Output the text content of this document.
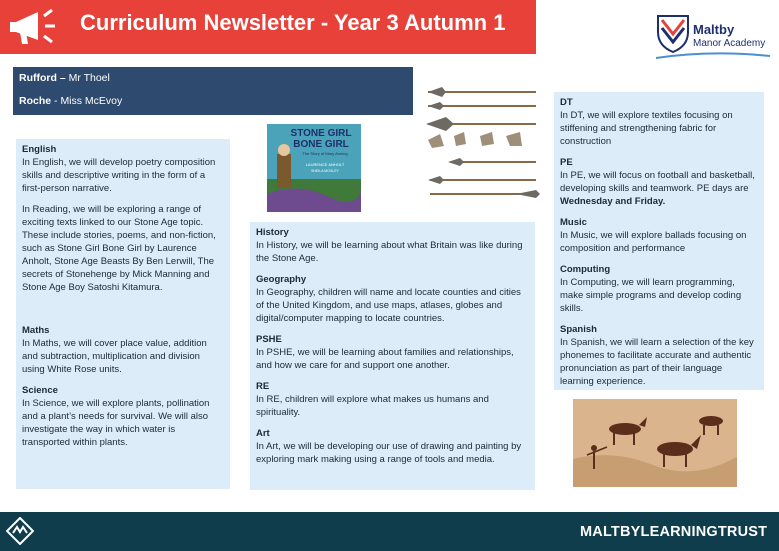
Curriculum Newsletter - Year 3 Autumn 1	Maltby
Manor Academy
Rufford – Mr Thoel
Roche - Miss McEvoy
STONE GIRL
BONE GIRL
The Story of Mary Anning
LAURENCE ANHOLT
SHEILA MOXLEY
English

In English, we will develop poetry composition skills and descriptive writing in the form of a first-person narrative.

In Reading, we will be exploring a range of exciting texts linked to our Stone Age topic. These include stories, poems, and non-fiction, such as Stone Girl Bone Girl by Laurence Anholt, Stone Age Beasts By Ben Lerwill, The secrets of Stonehenge by Mick Manning and Stone Age Boy Satoshi Kitamura.

Maths

In Maths, we will cover place value, addition and subtraction, multiplication and division using White Rose units.

Science

In Science, we will explore plants, pollination and a plant’s needs for survival. We will also investigate the way in which water is transported within plants.

History

In History, we will be learning about what Britain was like during the Stone Age.

Geography

In Geography, children will name and locate counties and cities of the United Kingdom, and use maps, atlases, globes and digital/computer mapping to locate countries.

PSHE

In PSHE, we will be learning about families and relationships, and how we care for and support one another.

RE

In RE, children will explore what makes us humans and spirituality.

Art

In Art, we will be developing our use of drawing and painting by exploring mark making using a range of tools and media.

DT

In DT, we will explore textiles focusing on stiffening and strengthening fabric for construction

PE

In PE, we will focus on football and basketball, developing skills and teamwork. PE days are Wednesday and Friday.

Music

In Music, we will explore ballads focusing on composition and performance

Computing

In Computing, we will learn programming, make simple programs and develop coding skills.

Spanish

In Spanish, we will learn a selection of the key phonemes to facilitate accurate and authentic pronunciation as part of their language learning experience.

MALTBYLEARNINGTRUST
